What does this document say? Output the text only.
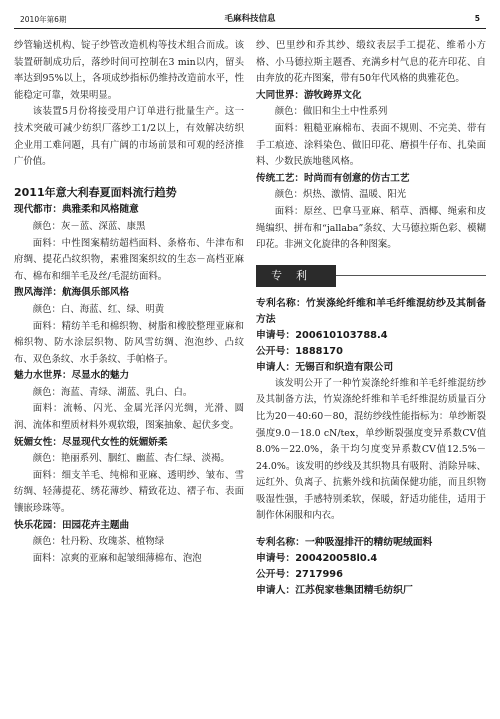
2010年第6期	毛麻科技信息	5

纱管输送机构、锭子纱管改造机构等技术组合而成。该装置研制成功后，落纱时间可控制在3 min以内，留头率达到95%以上，各项成纱指标仍维持改造前水平，性能稳定可靠，效果明显。

该装置5月份将接受用户订单进行批量生产。这一技术突破可减少纺织厂落纱工1/2以上，有效解决纺织企业用工难问题，具有广阔的市场前景和可观的经济推广价值。

2011年意大利春夏面料流行趋势
现代都市：典雅柔和风格随意

颜色：灰－蓝、深蓝、康黑

面料：中性图案精纺超档面料、条格布、牛津布和府绸、提花凸纹织物，素雅图案织纹的生态－高档亚麻布、棉布和细羊毛及丝/毛混纺面料。

煦风海洋：航海俱乐部风格

颜色：白、海蓝、红、绿、明黄

面料：精纺羊毛和棉织物、树脂和橡胶整理亚麻和棉织物、防水涂层织物、防风雪纺绸、泡泡纱、凸纹布、双色条纹、水手条纹、手帕格子。

魅力水世界：尽显水的魅力

颜色：海蓝、青绿、湖蓝、乳白、白。

面料：流畅、闪光、金属光泽闪光绸，光滑、圆润、流体和塑质材料外观软缎，图案抽象、起伏多变。

妩媚女性：尽显现代女性的妩媚娇柔

颜色：艳丽系列、胭红、幽蓝、杏仁绿、淡褐。

面料：细支羊毛、纯棉和亚麻、透明纱、皱布、雪纺绸、轻薄提花、绣花薄纱、精致花边、褶子布、表面镶嵌珍珠等。

快乐花园：田园花卉主题曲

颜色：牡丹粉、玫瑰茶、植物绿

面料：凉爽的亚麻和起皱细薄棉布、泡泡

纱、巴里纱和乔其纱、缎纹表层手工提花、维希小方格、小马德拉斯主题香、充满乡村气息的花卉印花、自由奔放的花卉图案，带有50年代风格的典雅花色。

大同世界：游牧跨界文化

颜色：做旧和尘土中性系列

面料：粗糙亚麻棉布、表面不规则、不完美、带有手工痕迹、涂料染色、做旧印花、磨損牛仔布、扎染面料、少数民族地毯风格。

传统工艺：时尚而有创意的仿古工艺

颜色：炽热、激情、温暖、阳光

面料：原丝、巴拿马亚麻、稻草、酒椰、绳索和皮绳编织、拼布和“jallaba”条纹、大马德拉斯色彩、模糊印花。非洲文化旋律的各种图案。

专利

专利名称：竹炭涤纶纤维和羊毛纤维混纺纱及其制备方法

申请号：200610103788.4

公开号：1888170

申请人：无锡百和织造有限公司

该发明公开了一种竹炭涤纶纤维和羊毛纤维混纺纱及其制备方法，竹炭涤纶纤维和羊毛纤维混纺质量百分比为20－40:60－80，混纺纱线性能指标为：单纱断裂强度9.0－18.0 cN/tex，单纱断裂强度变异系数CV值8.0%－22.0%，条干均匀度变异系数CV值12.5%－24.0%。该发明的纱线及其织物具有吸附、消除异味、远红外、负离子、抗紫外线和抗菌保健功能，而且织物吸湿性强，手感特别柔软，保暖，舒适功能佳，适用于制作休闲服和内衣。

专利名称：一种吸湿排汗的精纺呢绒面料

申请号：200420058l0.4

公开号：2717996

申请人：江苏倪家巷集团精毛纺织厂
